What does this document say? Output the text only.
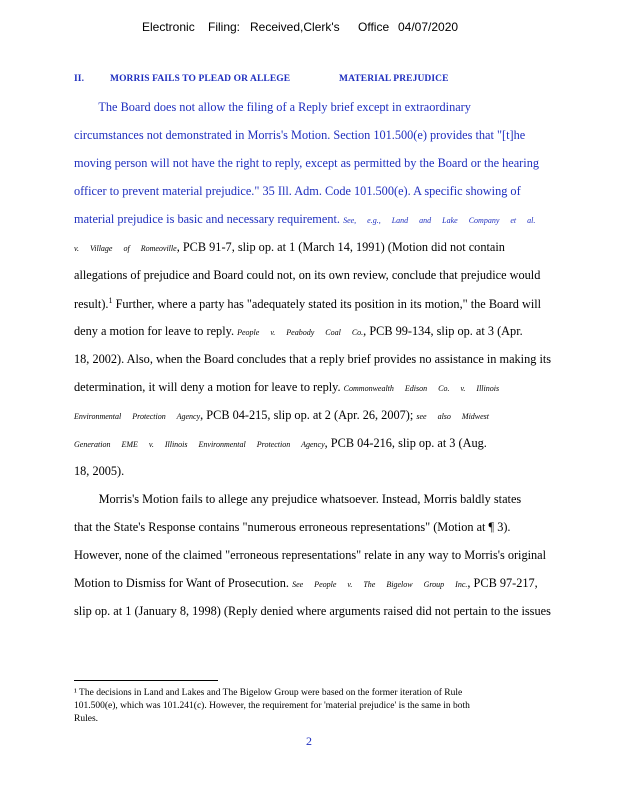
Electronic Filing: Received,Clerk's Office 04/07/2020
II.	MORRIS FAILS TO PLEAD OR ALLEGE	MATERIAL PREJUDICE
The Board does not allow the filing of a Reply brief except in extraordinary
circumstances not demonstrated in Morris's Motion. Section 101.500(e) provides that "[t]he
moving person will not have the right to reply, except as permitted by the Board or the hearing
officer to prevent material prejudice." 35 Ill. Adm. Code 101.500(e). A specific showing of
material prejudice is basic and necessary requirement. See, e.g., Land and Lake Company et al.
v. Village of Romeoville, PCB 91-7, slip op. at 1 (March 14, 1991) (Motion did not contain
allegations of prejudice and Board could not, on its own review, conclude that prejudice would
result).$^1$ Further, where a party has "adequately stated its position in its motion," the Board will
deny a motion for leave to reply. People v. Peabody Coal Co., PCB 99-134, slip op. at 3 (Apr.
18, 2002). Also, when the Board concludes that a reply brief provides no assistance in making its
determination, it will deny a motion for leave to reply. Commonwealth Edison Co. v. Illinois
Environmental Protection Agency, PCB 04-215, slip op. at 2 (Apr. 26, 2007); see also Midwest
Generation EME v. Illinois Environmental Protection Agency, PCB 04-216, slip op. at 3 (Aug.
18, 2005).
Morris's Motion fails to allege any prejudice whatsoever. Instead, Morris baldly states
that the State's Response contains "numerous erroneous representations" (Motion at ¶ 3).
However, none of the claimed "erroneous representations" relate in any way to Morris's original
Motion to Dismiss for Want of Prosecution. See People v. The Bigelow Group Inc., PCB 97-217,
slip op. at 1 (January 8, 1998) (Reply denied where arguments raised did not pertain to the issues
¹ The decisions in Land and Lakes and The Bigelow Group were based on the former iteration of Rule
101.500(e), which was 101.241(c). However, the requirement for 'material prejudice' is the same in both
Rules.
2
